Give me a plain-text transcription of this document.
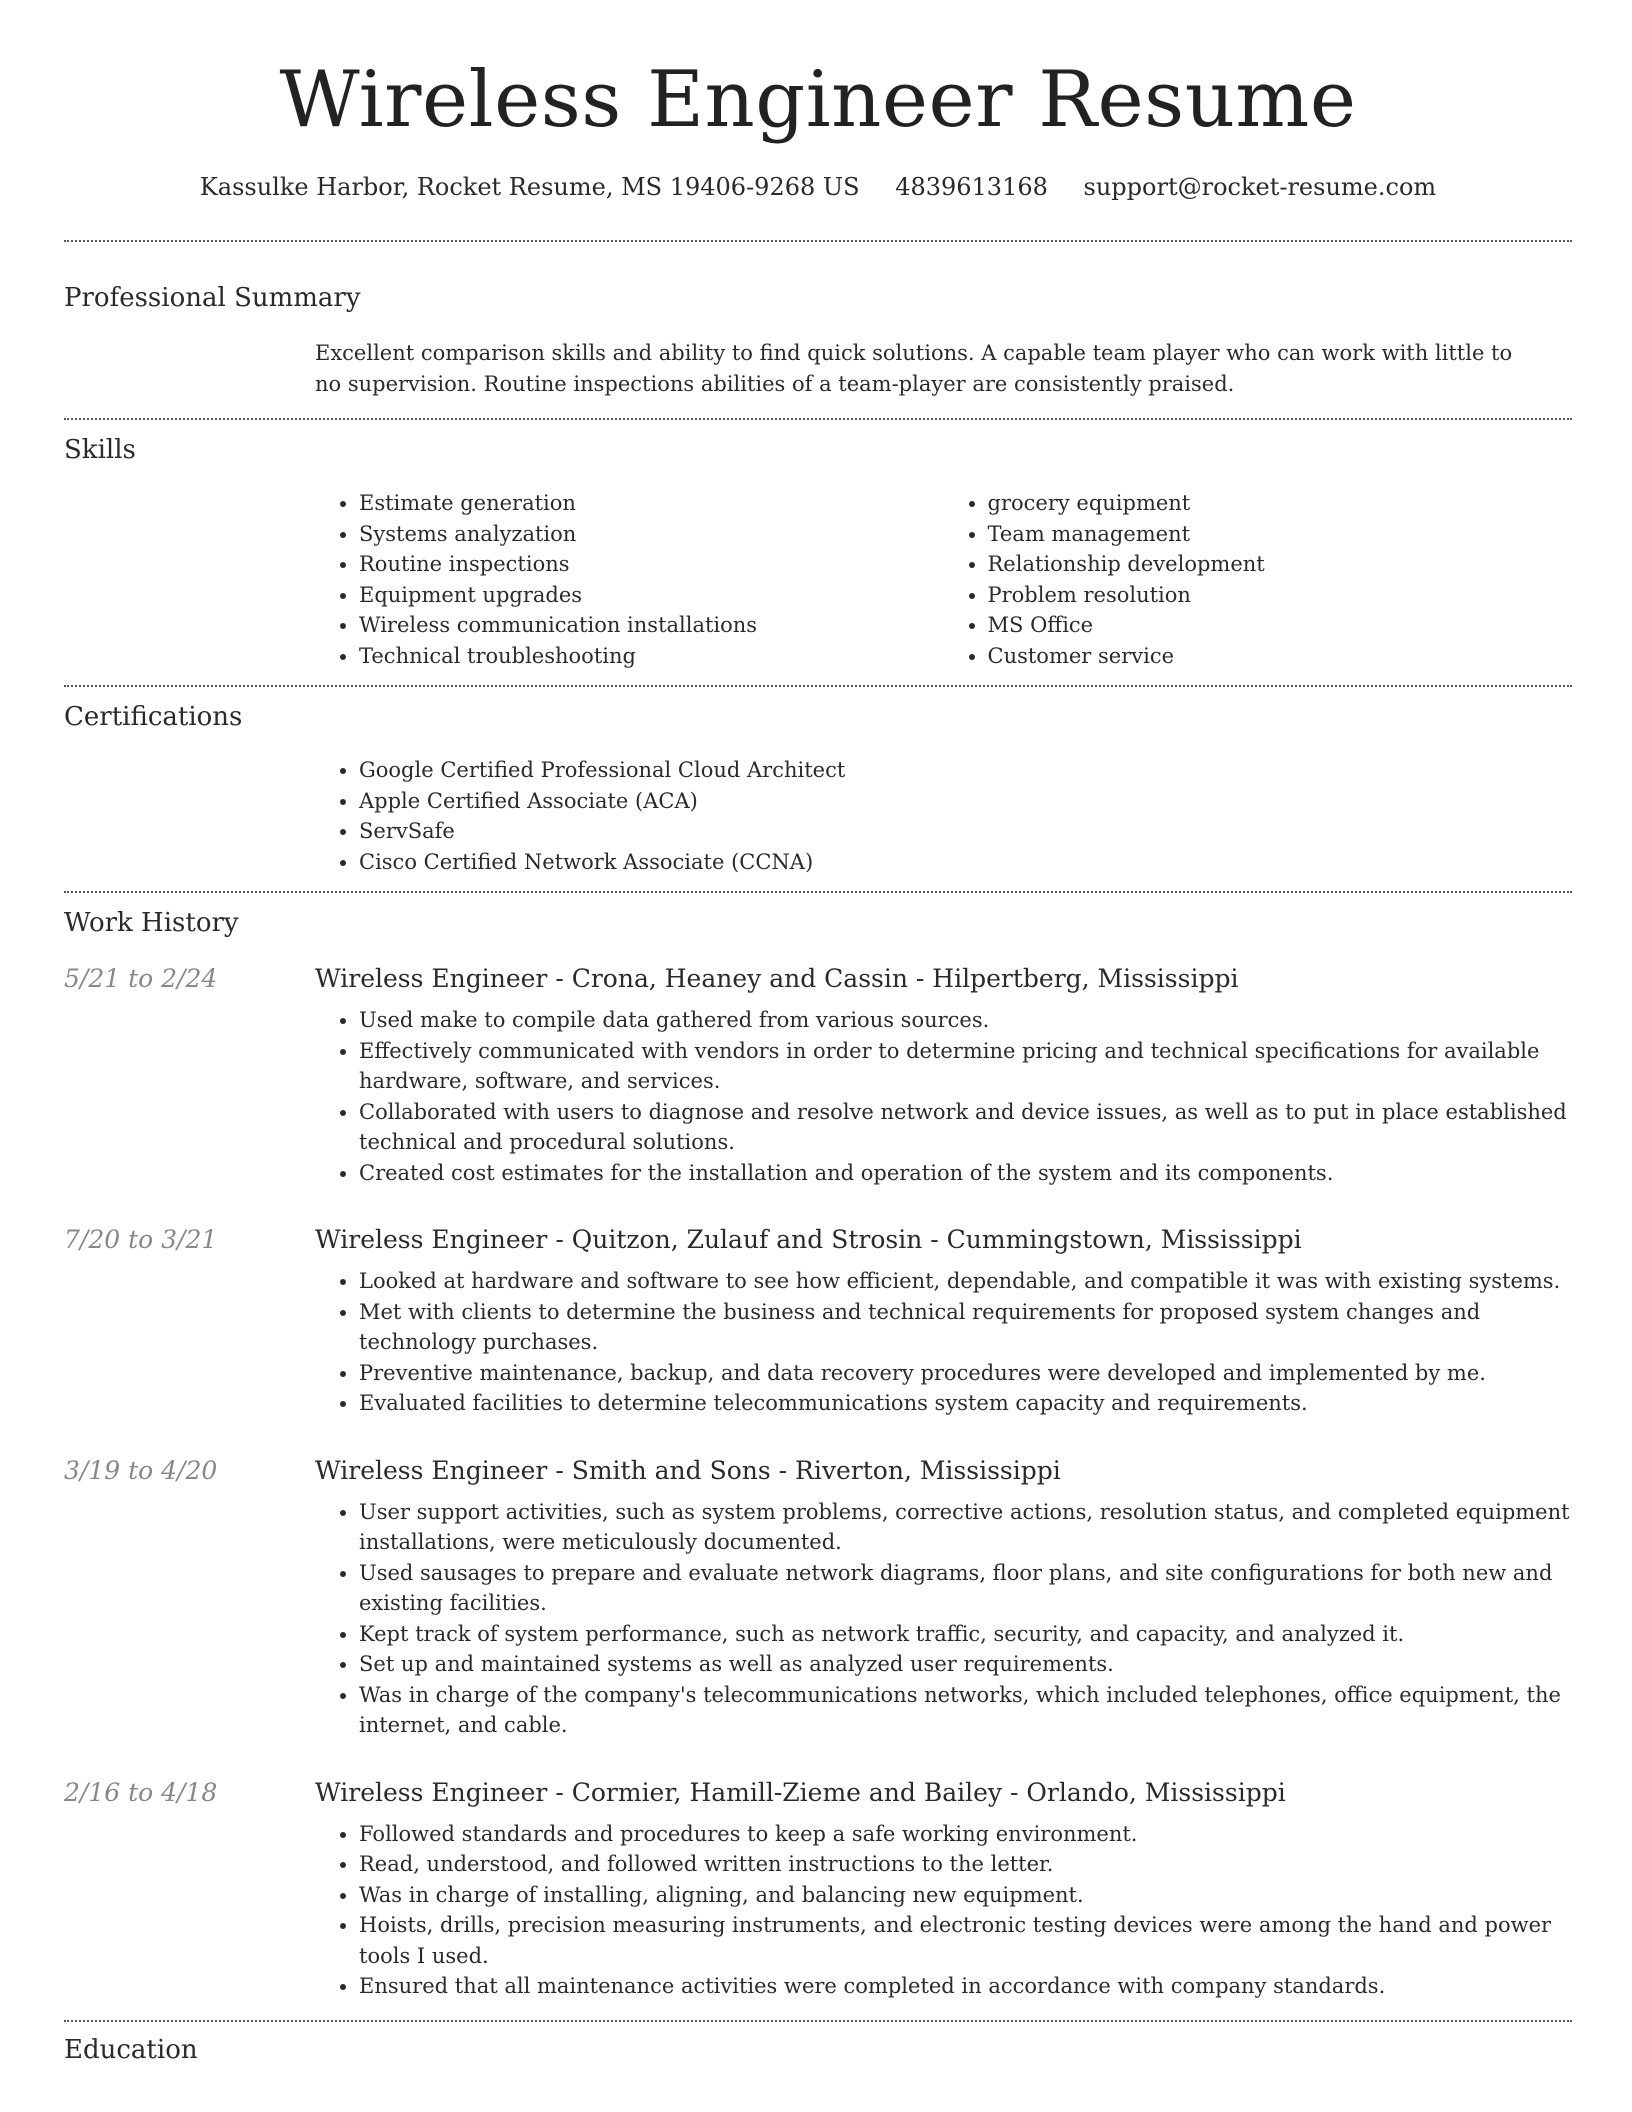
Wireless Engineer Resume
Kassulke Harbor, Rocket Resume, MS 19406-9268 US 4839613168 support@rocket-resume.com
Professional Summary
Excellent comparison skills and ability to find quick solutions. A capable team player who can work with little to no supervision. Routine inspections abilities of a team-player are consistently praised.
Skills
• Estimate generation
• Systems analyzation
• Routine inspections
• Equipment upgrades
• Wireless communication installations
• Technical troubleshooting
• grocery equipment
• Team management
• Relationship development
• Problem resolution
• MS Office
• Customer service
Certifications
• Google Certified Professional Cloud Architect
• Apple Certified Associate (ACA)
• ServSafe
• Cisco Certified Network Associate (CCNA)
Work History
5/21 to 2/24	Wireless Engineer - Crona, Heaney and Cassin - Hilpertberg, Mississippi
• Used make to compile data gathered from various sources.
• Effectively communicated with vendors in order to determine pricing and technical specifications for available hardware, software, and services.
• Collaborated with users to diagnose and resolve network and device issues, as well as to put in place established technical and procedural solutions.
• Created cost estimates for the installation and operation of the system and its components.
7/20 to 3/21	Wireless Engineer - Quitzon, Zulauf and Strosin - Cummingstown, Mississippi
• Looked at hardware and software to see how efficient, dependable, and compatible it was with existing systems.
• Met with clients to determine the business and technical requirements for proposed system changes and technology purchases.
• Preventive maintenance, backup, and data recovery procedures were developed and implemented by me.
• Evaluated facilities to determine telecommunications system capacity and requirements.
3/19 to 4/20	Wireless Engineer - Smith and Sons - Riverton, Mississippi
• User support activities, such as system problems, corrective actions, resolution status, and completed equipment installations, were meticulously documented.
• Used sausages to prepare and evaluate network diagrams, floor plans, and site configurations for both new and existing facilities.
• Kept track of system performance, such as network traffic, security, and capacity, and analyzed it.
• Set up and maintained systems as well as analyzed user requirements.
• Was in charge of the company's telecommunications networks, which included telephones, office equipment, the internet, and cable.
2/16 to 4/18	Wireless Engineer - Cormier, Hamill-Zieme and Bailey - Orlando, Mississippi
• Followed standards and procedures to keep a safe working environment.
• Read, understood, and followed written instructions to the letter.
• Was in charge of installing, aligning, and balancing new equipment.
• Hoists, drills, precision measuring instruments, and electronic testing devices were among the hand and power tools I used.
• Ensured that all maintenance activities were completed in accordance with company standards.
Education
